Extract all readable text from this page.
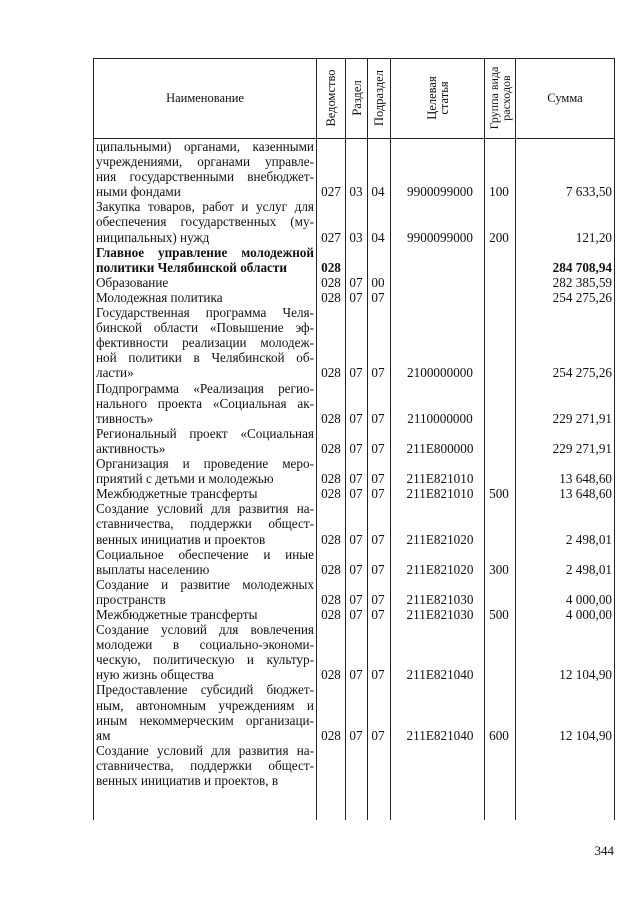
Наименование	Ведомство Раздел Подраздел	Целевая
статья	Группа вида
расходов	Сумма
ципальными) органами, казенными
учреждениями, органами управле-
ния государственными внебюджет-
ными фондами	027 03 04	9900099000	100	7 633,50
Закупка товаров, работ и услуг для
обеспечения государственных (му-
ниципальных) нужд	027 03 04	9900099000	200	121,20
Главное управление молодежной
политики Челябинской области	028	284 708,94
Образование	028 07 00	282 385,59
Молодежная политика	028 07 07	254 275,26
Государственная программа Челя-
бинской области «Повышение эф-
фективности реализации молодеж-
ной политики в Челябинской об-
ласти»	028 07 07	2100000000	254 275,26
Подпрограмма «Реализация регио-
нального проекта «Социальная ак-
тивность»	028 07 07	2110000000	229 271,91
Региональный проект «Социальная
активность»	028 07 07	211Е800000	229 271,91
Организация и проведение меро-
приятий с детьми и молодежью	028 07 07	211Е821010	13 648,60
Межбюджетные трансферты	028 07 07	211Е821010	500	13 648,60
Создание условий для развития на-
ставничества, поддержки общест-
венных инициатив и проектов	028 07 07	211Е821020	2 498,01
Социальное обеспечение и иные
выплаты населению	028 07 07	211Е821020	300	2 498,01
Создание и развитие молодежных
пространств	028 07 07	211Е821030	4 000,00
Межбюджетные трансферты	028 07 07	211Е821030	500	4 000,00
Создание условий для вовлечения
молодежи в социально-экономи-
ческую, политическую и культур-
ную жизнь общества	028 07 07	211Е821040	12 104,90
Предоставление субсидий бюджет-
ным, автономным учреждениям и
иным некоммерческим организаци-
ям	028 07 07	211Е821040	600	12 104,90
Создание условий для развития на-
ставничества, поддержки общест-
венных инициатив и проектов, в
344
